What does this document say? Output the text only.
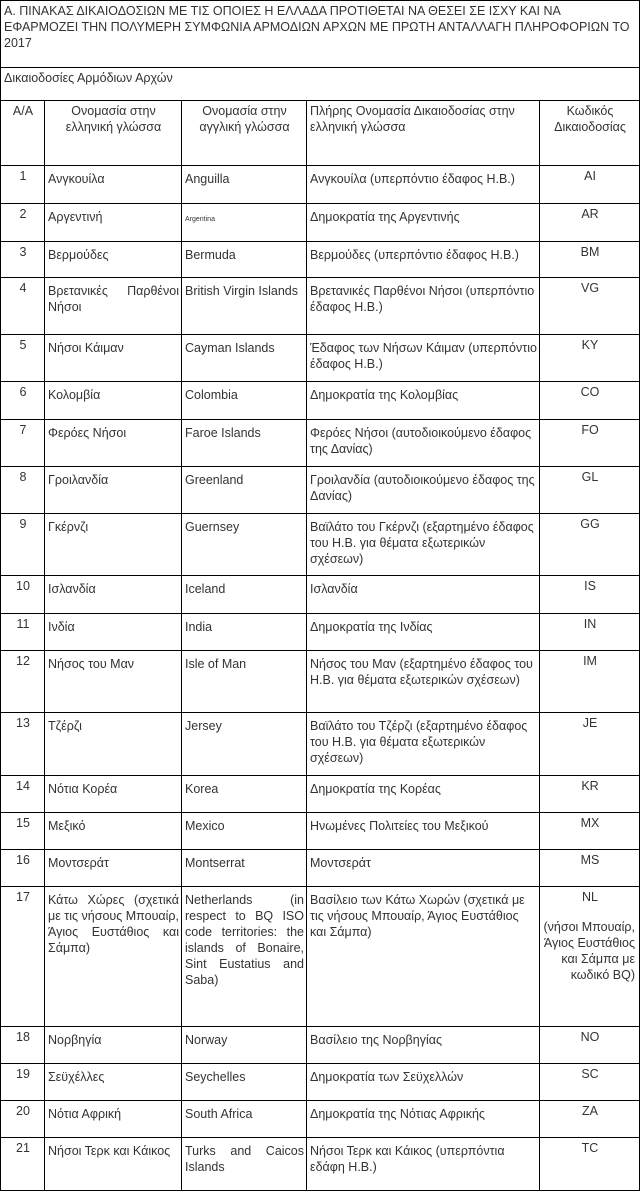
Α. ΠΙΝΑΚΑΣ ΔΙΚΑΙΟΔΟΣΙΩΝ ΜΕ ΤΙΣ ΟΠΟΙΕΣ Η ΕΛΛΑΔΑ ΠΡΟΤΙΘΕΤΑΙ ΝΑ ΘΕΣΕΙ ΣΕ ΙΣΧΥ ΚΑΙ ΝΑ ΕΦΑΡΜΟΖΕΙ ΤΗΝ ΠΟΛΥΜΕΡΗ ΣΥΜΦΩΝΙΑ ΑΡΜΟΔΙΩΝ ΑΡΧΩΝ ΜΕ ΠΡΩΤΗ ΑΝΤΑΛΛΑΓΗ ΠΛΗΡΟΦΟΡΙΩΝ ΤΟ 2017				
Δικαιοδοσίες Αρμόδιων Αρχών				
Α/Α	Ονομασία στην ελληνική γλώσσα	Ονομασία στην αγγλική γλώσσα	Πλήρης Ονομασία Δικαιοδοσίας στην ελληνική γλώσσα	Κωδικός Δικαιοδοσίας
1	Ανγκουίλα	Anguilla	Ανγκουίλα (υπερπόντιο έδαφος Η.Β.)	AI
2	Αργεντινή	Argentina	Δημοκρατία της Αργεντινής	AR
3	Βερμούδες	Bermuda	Βερμούδες (υπερπόντιο έδαφος Η.Β.)	BM
4	Βρετανικές Παρθένοι Νήσοι	British Virgin Islands	Βρετανικές Παρθένοι Νήσοι (υπερπόντιο έδαφος Η.Β.)	VG
5	Νήσοι Κάιμαν	Cayman Islands	Έδαφος των Νήσων Κάιμαν (υπερπόντιο έδαφος Η.Β.)	KY
6	Κολομβία	Colombia	Δημοκρατία της Κολομβίας	CO
7	Φερόες Νήσοι	Faroe Islands	Φερόες Νήσοι (αυτοδιοικούμενο έδαφος της Δανίας)	FO
8	Γροιλανδία	Greenland	Γροιλανδία (αυτοδιοικούμενο έδαφος της Δανίας)	GL
9	Γκέρνζι	Guernsey	Βαϊλάτο του Γκέρνζι (εξαρτημένο έδαφος του Η.Β. για θέματα εξωτερικών σχέσεων)	GG
10	Ισλανδία	Iceland	Ισλανδία	IS
11	Ινδία	India	Δημοκρατία της Ινδίας	IN
12	Νήσος του Μαν	Isle of Man	Νήσος του Μαν (εξαρτημένο έδαφος του Η.Β. για θέματα εξωτερικών σχέσεων)	IM
13	Τζέρζι	Jersey	Βαϊλάτο του Τζέρζι (εξαρτημένο έδαφος του Η.Β. για θέματα εξωτερικών σχέσεων)	JE
14	Νότια Κορέα	Korea	Δημοκρατία της Κορέας	KR
15	Μεξικό	Mexico	Ηνωμένες Πολιτείες του Μεξικού	MX
16	Μοντσεράτ	Montserrat	Μοντσεράτ	MS
17	Κάτω Χώρες (σχετικά με τις νήσους Μπουαίρ, Άγιος Ευστάθιος και Σάμπα)	Netherlands (in respect to BQ ISO code territories: the islands of Bonaire, Sint Eustatius and Saba)	Βασίλειο των Κάτω Χωρών (σχετικά με τις νήσους Μπουαίρ, Άγιος Ευστάθιος και Σάμπα)	NL
(νήσοι Μπουαίρ, Άγιος Ευστάθιος και Σάμπα με κωδικό BQ)

18	Νορβηγία	Norway	Βασίλειο της Νορβηγίας	NO
19	Σεϋχέλλες	Seychelles	Δημοκρατία των Σεϋχελλών	SC
20	Νότια Αφρική	South Africa	Δημοκρατία της Νότιας Αφρικής	ZA
21	Νήσοι Τερκ και Κάικος	Turks and Caicos Islands	Νήσοι Τερκ και Κάικος (υπερπόντια εδάφη Η.Β.)	TC
